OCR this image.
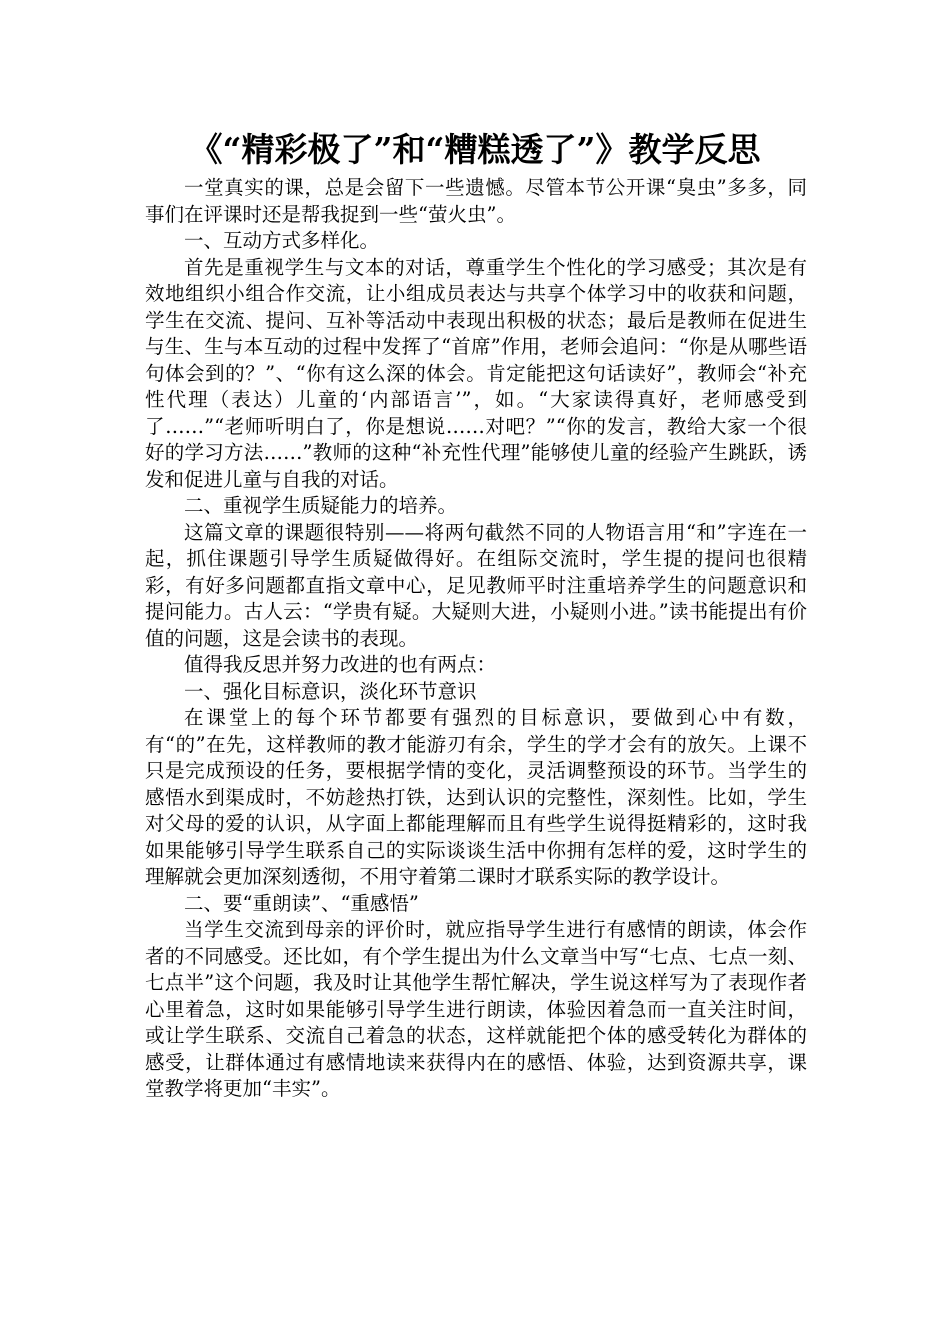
《“精彩极了”和“糟糕透了”》教学反思

一堂真实的课，总是会留下一些遗憾。尽管本节公开课“臭虫”多多，同事们在评课时还是帮我捉到一些“萤火虫”。

一、互动方式多样化。

首先是重视学生与文本的对话，尊重学生个性化的学习感受；其次是有效地组织小组合作交流，让小组成员表达与共享个体学习中的收获和问题，学生在交流、提问、互补等活动中表现出积极的状态；最后是教师在促进生与生、生与本互动的过程中发挥了“首席”作用，老师会追问：“你是从哪些语句体会到的？”、“你有这么深的体会。肯定能把这句话读好”，教师会“补充性代理（表达）儿童的‘内部语言’”，如。“大家读得真好，老师感受到了……”“老师听明白了，你是想说……对吧？”“你的发言，教给大家一个很好的学习方法……”教师的这种“补充性代理”能够使儿童的经验产生跳跃，诱发和促进儿童与自我的对话。

二、重视学生质疑能力的培养。

这篇文章的课题很特别——将两句截然不同的人物语言用“和”字连在一起，抓住课题引导学生质疑做得好。在组际交流时，学生提的提问也很精彩，有好多问题都直指文章中心，足见教师平时注重培养学生的问题意识和提问能力。古人云：“学贵有疑。大疑则大进，小疑则小进。”读书能提出有价值的问题，这是会读书的表现。

值得我反思并努力改进的也有两点：

一、强化目标意识，淡化环节意识

在课堂上的每个环节都要有强烈的目标意识，要做到心中有数，有“的”在先，这样教师的教才能游刃有余，学生的学才会有的放矢。上课不只是完成预设的任务，要根据学情的变化，灵活调整预设的环节。当学生的感悟水到渠成时，不妨趁热打铁，达到认识的完整性，深刻性。比如，学生对父母的爱的认识，从字面上都能理解而且有些学生说得挺精彩的，这时我如果能够引导学生联系自己的实际谈谈生活中你拥有怎样的爱，这时学生的理解就会更加深刻透彻，不用守着第二课时才联系实际的教学设计。

二、要“重朗读”、“重感悟”

当学生交流到母亲的评价时，就应指导学生进行有感情的朗读，体会作者的不同感受。还比如，有个学生提出为什么文章当中写“七点、七点一刻、七点半”这个问题，我及时让其他学生帮忙解决，学生说这样写为了表现作者心里着急，这时如果能够引导学生进行朗读，体验因着急而一直关注时间，或让学生联系、交流自己着急的状态，这样就能把个体的感受转化为群体的感受，让群体通过有感情地读来获得内在的感悟、体验，达到资源共享，课堂教学将更加“丰实”。
